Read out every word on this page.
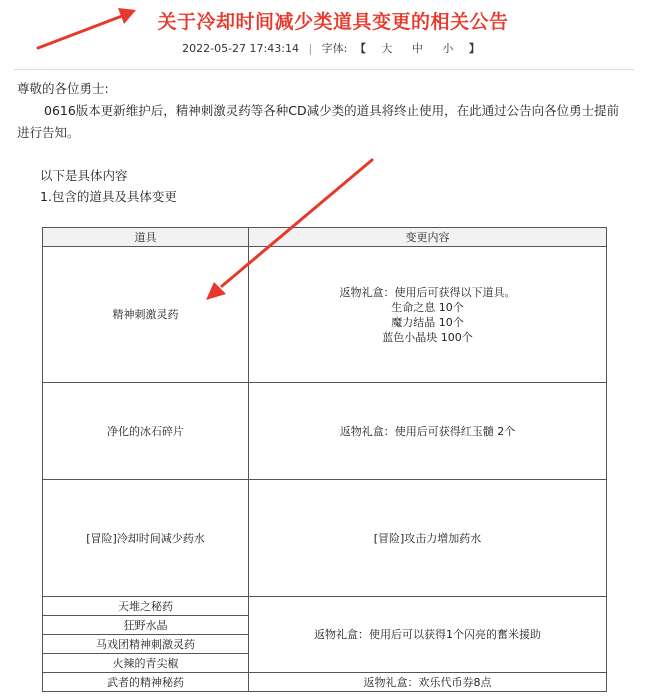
关于冷却时间减少类道具变更的相关公告
2022-05-27 17:43:14 | 字体: 【 大 中 小 】
尊敬的各位勇士:
0616版本更新维护后，精神刺激灵药等各种CD减少类的道具将终止使用，在此通过公告向各位勇士提前进行告知。
以下是具体内容
1.包含的道具及具体变更
道具	变更内容
精神刺激灵药	返物礼盒：使用后可获得以下道具。
生命之息 10个
魔力结晶 10个
蓝色小晶块 100个

净化的冰石碎片	返物礼盒：使用后可获得红玉髓 2个
[冒险]冷却时间减少药水	[冒险]攻击力增加药水
天堆之秘药	返物礼盒：使用后可以获得1个闪亮的奮米援助
狂野水晶	
马戏团精神刺激灵药	
火辣的青尖椒	
武者的精神秘药	返物礼盒：欢乐代币券8点
